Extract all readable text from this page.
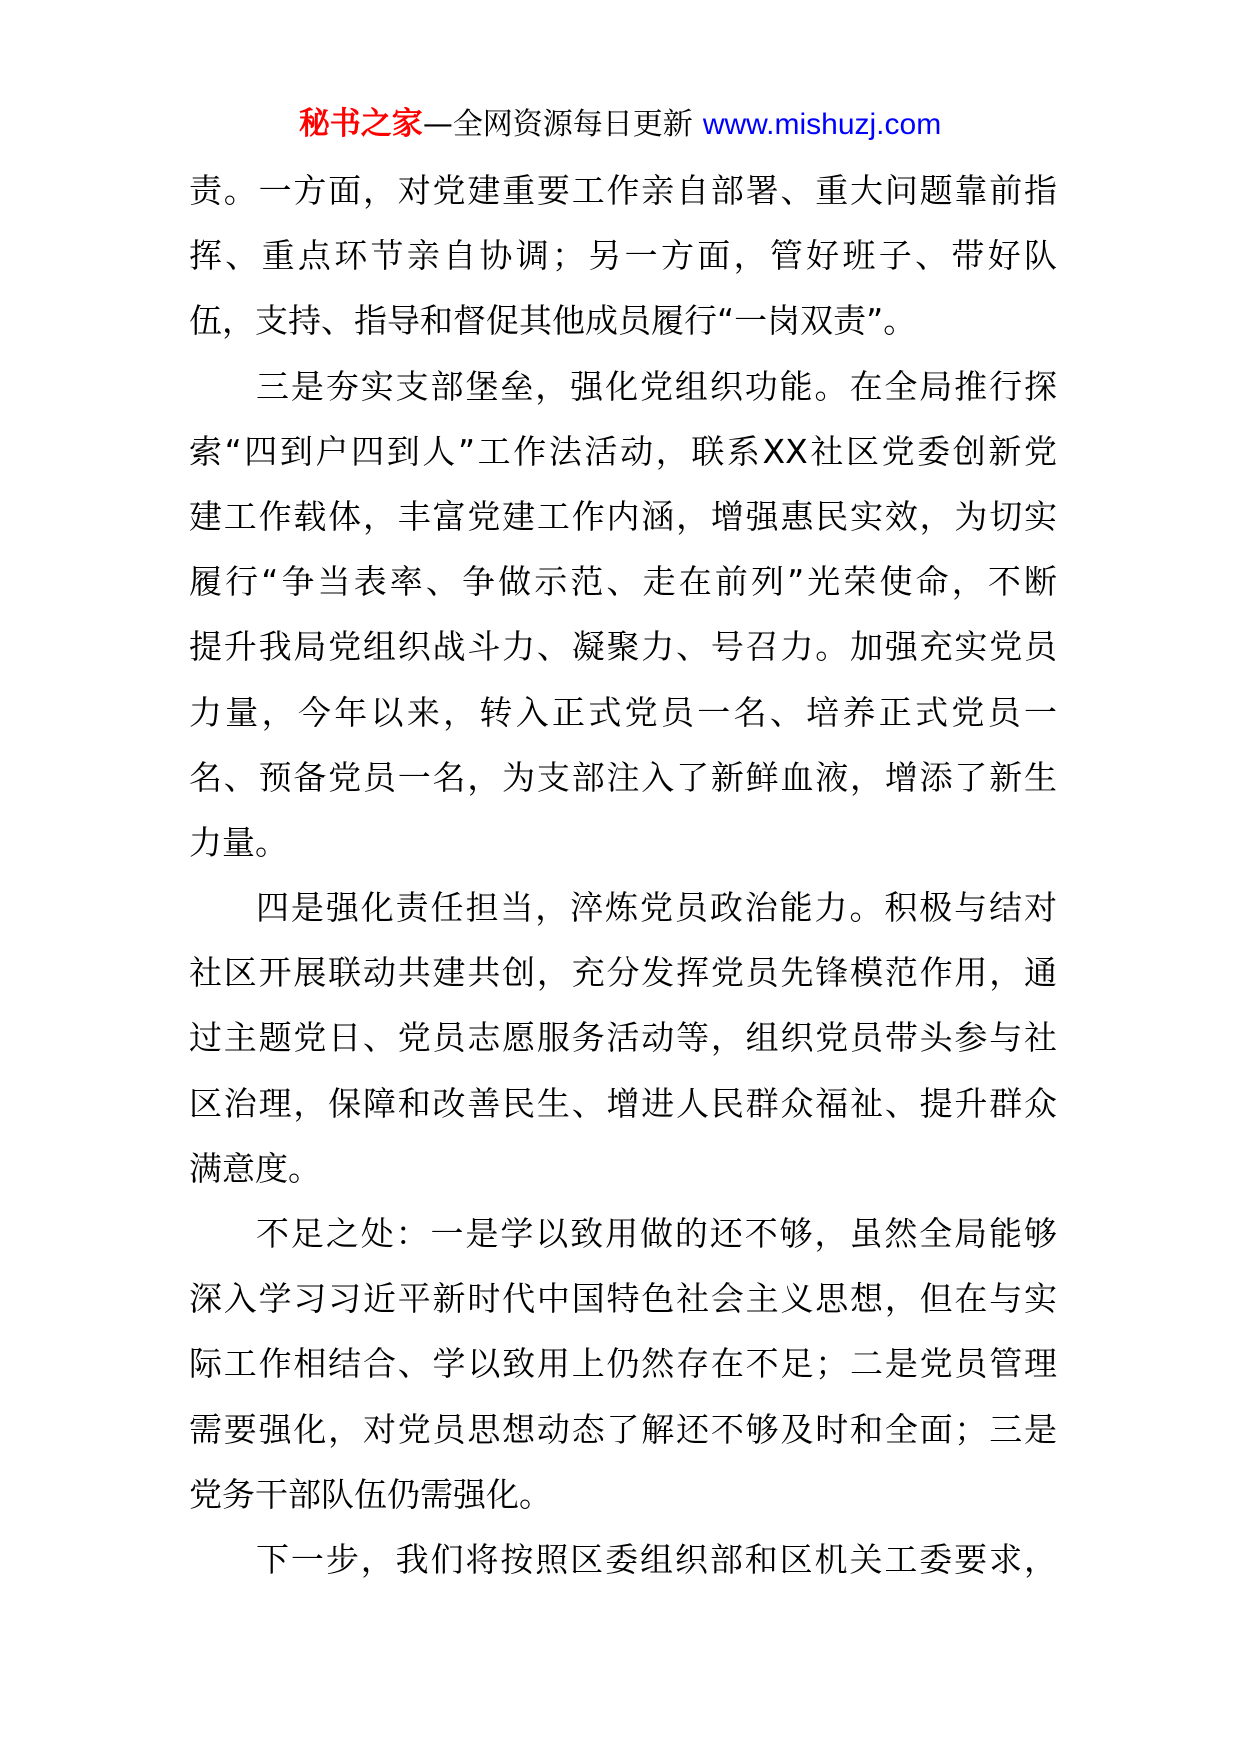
秘书之家—全网资源每日更新 www.mishuzj.com
责。一方面，对党建重要工作亲自部署、重大问题靠前指
挥、重点环节亲自协调；另一方面，管好班子、带好队
伍，支持、指导和督促其他成员履行“一岗双责”。
三是夯实支部堡垒，强化党组织功能。在全局推行探
索“四到户四到人”工作法活动，联系XX社区党委创新党
建工作载体，丰富党建工作内涵，增强惠民实效，为切实
履行“争当表率、争做示范、走在前列”光荣使命，不断
提升我局党组织战斗力、凝聚力、号召力。加强充实党员
力量，今年以来，转入正式党员一名、培养正式党员一
名、预备党员一名，为支部注入了新鲜血液，增添了新生
力量。
四是强化责任担当，淬炼党员政治能力。积极与结对
社区开展联动共建共创，充分发挥党员先锋模范作用，通
过主题党日、党员志愿服务活动等，组织党员带头参与社
区治理，保障和改善民生、增进人民群众福祉、提升群众
满意度。
不足之处：一是学以致用做的还不够，虽然全局能够
深入学习习近平新时代中国特色社会主义思想，但在与实
际工作相结合、学以致用上仍然存在不足；二是党员管理
需要强化，对党员思想动态了解还不够及时和全面；三是
党务干部队伍仍需强化。
下一步，我们将按照区委组织部和区机关工委要求，
